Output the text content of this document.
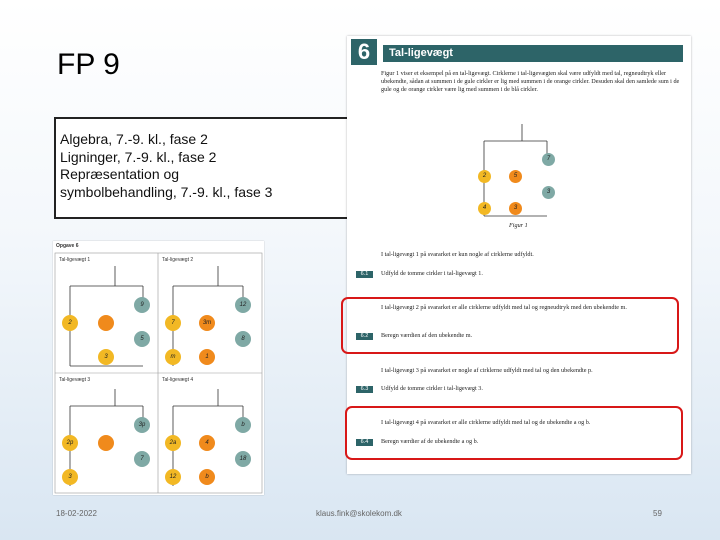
FP 9
Algebra, 7.-9. kl., fase 2
Ligninger, 7.-9. kl., fase 2
Repræsentation og
symbolbehandling, 7.-9. kl., fase 3
Opgave 6
Tal-ligevægt 1	Tal-ligevægt 2
Tal-ligevægt 3	Tal-ligevægt 4
9
2
5
3
12
7	3m
8
m	1
3p
2p
7
3
b
2a	4
18
12	b
6	Tal-ligevægt
Figur 1 viser et eksempel på en tal-ligevægt. Cirklerne i tal-ligevægten skal være udfyldt med tal, regneudtryk eller ubekendte, sådan at summen i de gule cirkler er lig med summen i de orange cirkler. Desuden skal den samlede sum i de gule og de orange cirkler være lig med summen i de blå cirkler.
7
2	5
3
4	3
Figur 1
I tal-ligevægt 1 på svararket er kun nogle af cirklerne udfyldt.
6.1	Udfyld de tomme cirkler i tal-ligevægt 1.
I tal-ligevægt 2 på svararket er alle cirklerne udfyldt med tal og regneudtryk med den ubekendte m.
6.2	Beregn værdien af den ubekendte m.
I tal-ligevægt 3 på svararket er nogle af cirklerne udfyldt med tal og den ubekendte p.
6.3	Udfyld de tomme cirkler i tal-ligevægt 3.
I tal-ligevægt 4 på svararket er alle cirklerne udfyldt med tal og de ubekendte a og b.
6.4	Beregn værdier af de ubekendte a og b.
18-02-2022	klaus.fink@skolekom.dk	59
